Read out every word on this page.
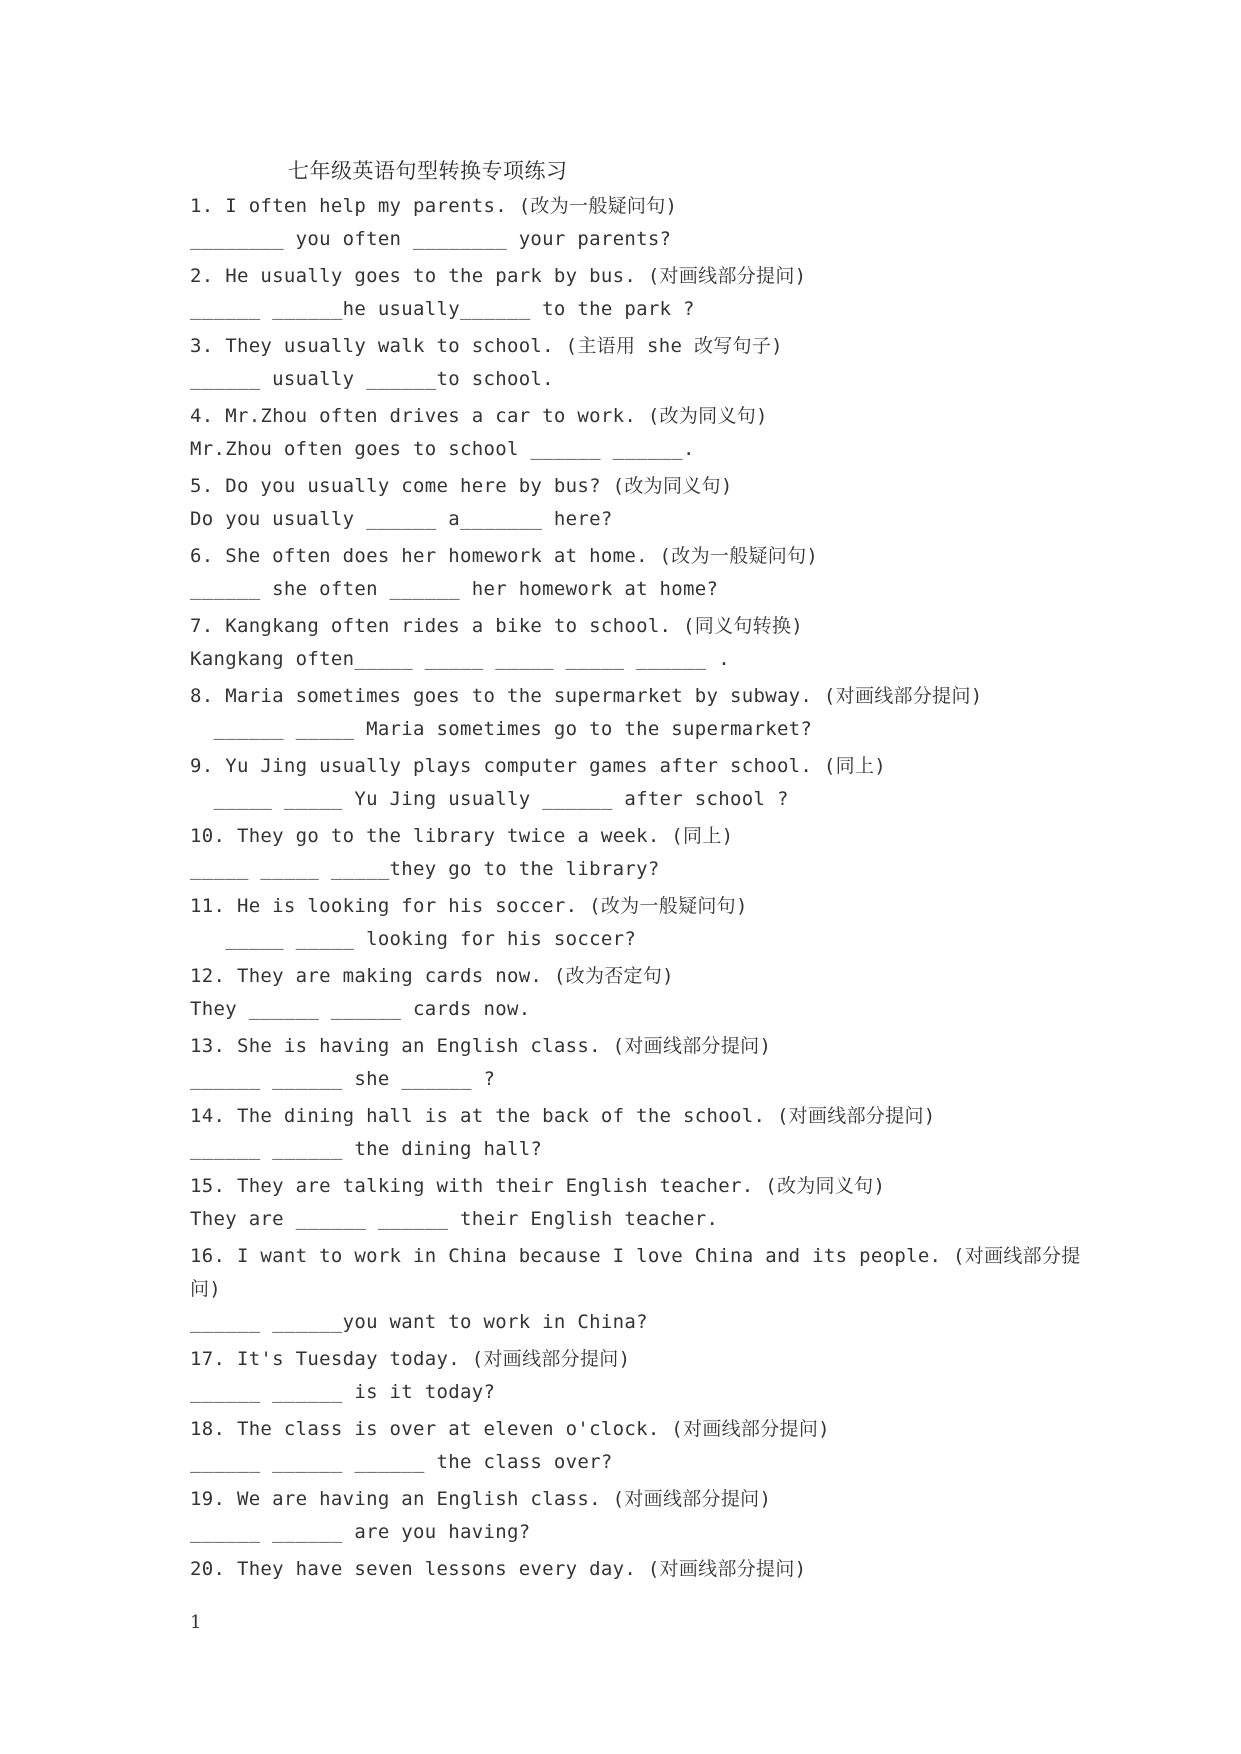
七年级英语句型转换专项练习
1. I often help my parents. (改为一般疑问句)
________ you often ________ your parents?
2. He usually goes to the park by bus. (对画线部分提问)
______ ______he usually______ to the park ?
3. They usually walk to school. (主语用 she 改写句子)
______ usually ______to school.
4. Mr.Zhou often drives a car to work. (改为同义句)
Mr.Zhou often goes to school ______ ______.
5. Do you usually come here by bus? (改为同义句)
Do you usually ______ a_______ here?
6. She often does her homework at home. (改为一般疑问句)
______ she often ______ her homework at home?
7. Kangkang often rides a bike to school. (同义句转换)
Kangkang often_____ _____ _____ _____ ______ .
8. Maria sometimes goes to the supermarket by subway. (对画线部分提问)
______ _____ Maria sometimes go to the supermarket?
9. Yu Jing usually plays computer games after school. (同上)
_____ _____ Yu Jing usually ______ after school ?
10. They go to the library twice a week. (同上)
_____ _____ _____they go to the library?
11. He is looking for his soccer. (改为一般疑问句)
_____ _____ looking for his soccer?
12. They are making cards now. (改为否定句)
They ______ ______ cards now.
13. She is having an English class. (对画线部分提问)
______ ______ she ______ ?
14. The dining hall is at the back of the school. (对画线部分提问)
______ ______ the dining hall?
15. They are talking with their English teacher. (改为同义句)
They are ______ ______ their English teacher.
16. I want to work in China because I love China and its people. (对画线部分提问)
______ ______you want to work in China?
17. It's Tuesday today. (对画线部分提问)
______ ______ is it today?
18. The class is over at eleven o'clock. (对画线部分提问)
______ ______ ______ the class over?
19. We are having an English class. (对画线部分提问)
______ ______ are you having?
20. They have seven lessons every day. (对画线部分提问)
1
